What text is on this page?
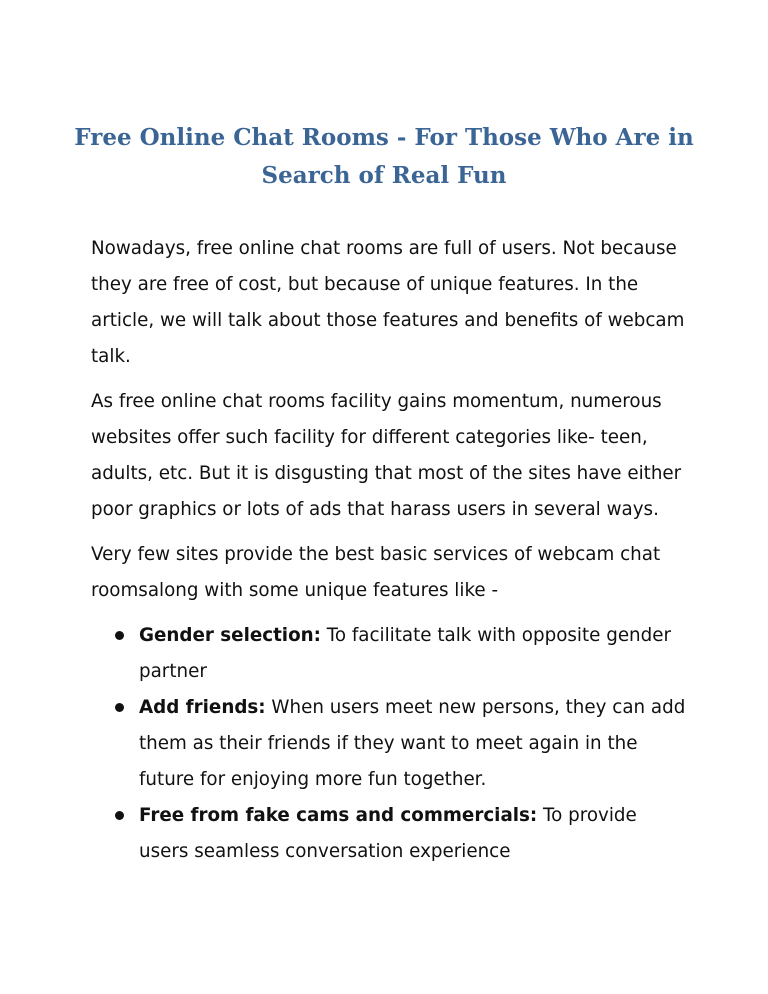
Free Online Chat Rooms - For Those Who Are in Search of Real Fun

Nowadays, free online chat rooms are full of users. Not because they are free of cost, but because of unique features. In the article, we will talk about those features and benefits of webcam talk.

As free online chat rooms facility gains momentum, numerous websites offer such facility for different categories like- teen, adults, etc. But it is disgusting that most of the sites have either poor graphics or lots of ads that harass users in several ways.

Very few sites provide the best basic services of webcam chat roomsalong with some unique features like -

Gender selection: To facilitate talk with opposite gender partner
Add friends: When users meet new persons, they can add them as their friends if they want to meet again in the future for enjoying more fun together.
Free from fake cams and commercials: To provide users seamless conversation experience
